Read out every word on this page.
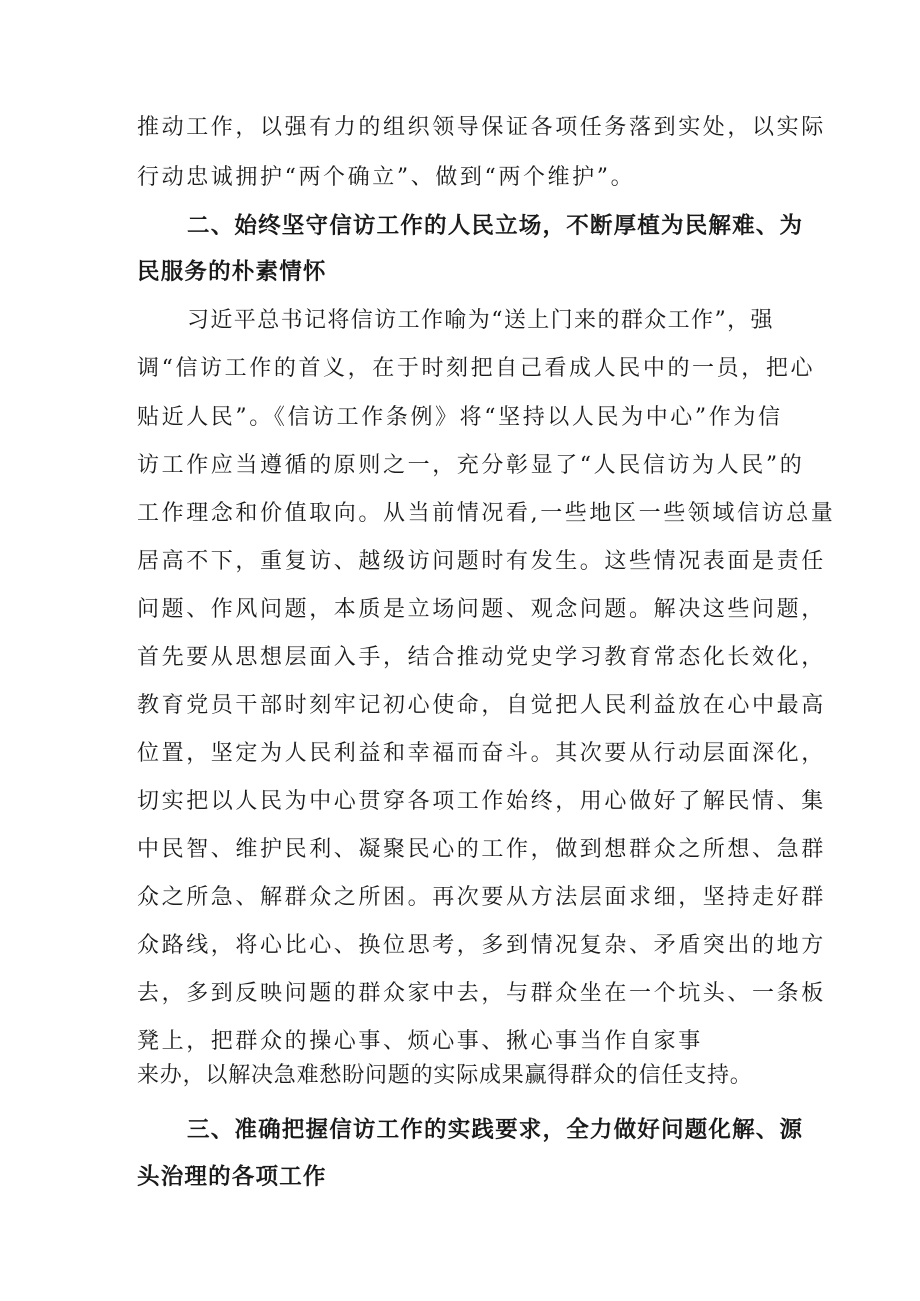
推动工作，以强有力的组织领导保证各项任务落到实处，以实际
行动忠诚拥护“两个确立”、做到“两个维护”。
二、始终坚守信访工作的人民立场，不断厚植为民解难、为
民服务的朴素情怀
习近平总书记将信访工作喻为“送上门来的群众工作”，强
调“信访工作的首义，在于时刻把自己看成人民中的一员，把心
贴近人民”。《信访工作条例》将“坚持以人民为中心”作为信
访工作应当遵循的原则之一，充分彰显了“人民信访为人民”的
工作理念和价值取向。从当前情况看,一些地区一些领域信访总量
居高不下，重复访、越级访问题时有发生。这些情况表面是责任
问题、作风问题，本质是立场问题、观念问题。解决这些问题，
首先要从思想层面入手，结合推动党史学习教育常态化长效化，
教育党员干部时刻牢记初心使命，自觉把人民利益放在心中最高
位置，坚定为人民利益和幸福而奋斗。其次要从行动层面深化，
切实把以人民为中心贯穿各项工作始终，用心做好了解民情、集
中民智、维护民利、凝聚民心的工作，做到想群众之所想、急群
众之所急、解群众之所困。再次要从方法层面求细，坚持走好群
众路线，将心比心、换位思考，多到情况复杂、矛盾突出的地方
去，多到反映问题的群众家中去，与群众坐在一个坑头、一条板
凳上，把群众的操心事、烦心事、揪心事当作自家事
来办，以解决急难愁盼问题的实际成果赢得群众的信任支持。
三、准确把握信访工作的实践要求，全力做好问题化解、源
头治理的各项工作
